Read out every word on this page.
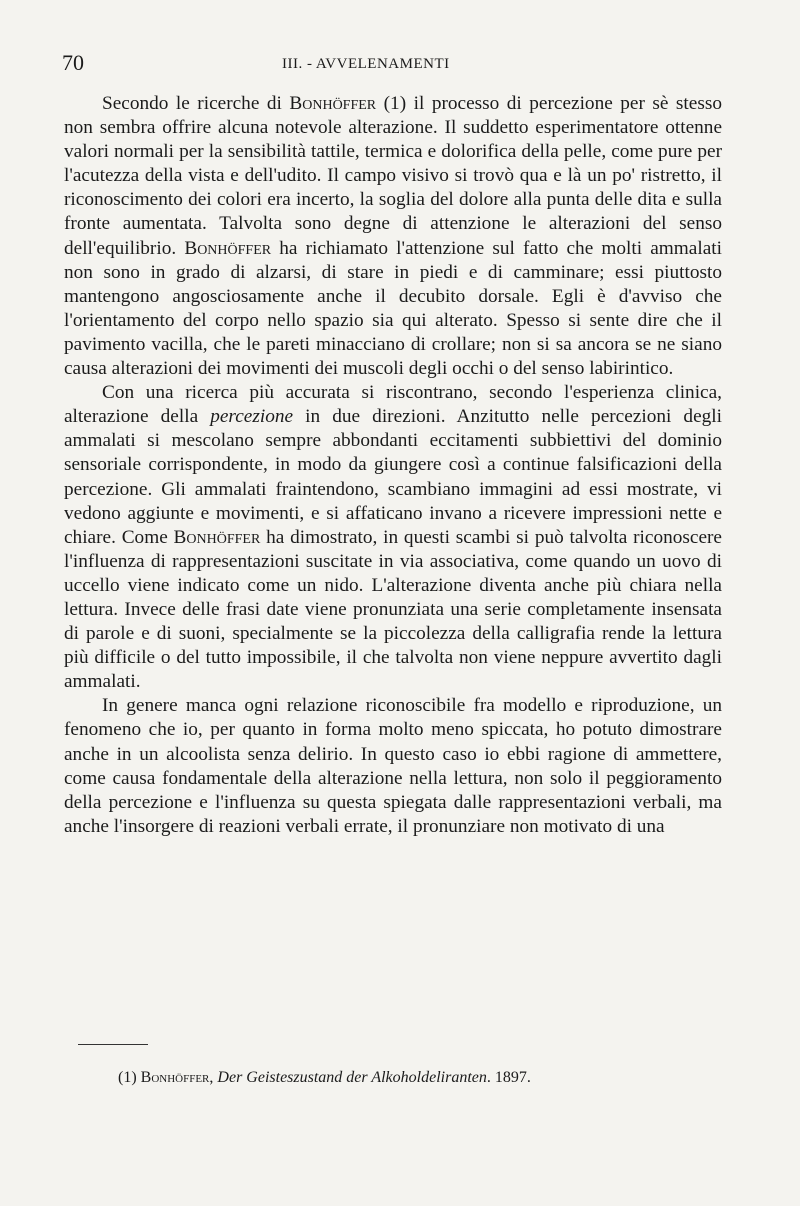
70	III. - AVVELENAMENTI

Secondo le ricerche di Bonhöffer (1) il processo di percezione per sè stesso non sembra offrire alcuna notevole alterazione. Il suddetto esperimentatore ottenne valori normali per la sensibilità tattile, termica e dolorifica della pelle, come pure per l'acutezza della vista e dell'udito. Il campo visivo si trovò qua e là un po' ristretto, il riconoscimento dei colori era incerto, la soglia del dolore alla punta delle dita e sulla fronte aumentata. Talvolta sono degne di attenzione le alterazioni del senso dell'equilibrio. Bonhöffer ha richiamato l'attenzione sul fatto che molti ammalati non sono in grado di alzarsi, di stare in piedi e di camminare; essi piuttosto mantengono angosciosamente anche il decubito dorsale. Egli è d'avviso che l'orientamento del corpo nello spazio sia qui alterato. Spesso si sente dire che il pavimento vacilla, che le pareti minacciano di crollare; non si sa ancora se ne siano causa alterazioni dei movimenti dei muscoli degli occhi o del senso labirintico.

Con una ricerca più accurata si riscontrano, secondo l'esperienza clinica, alterazione della percezione in due direzioni. Anzitutto nelle percezioni degli ammalati si mescolano sempre abbondanti eccitamenti subbiettivi del dominio sensoriale corrispondente, in modo da giungere così a continue falsificazioni della percezione. Gli ammalati fraintendono, scambiano immagini ad essi mostrate, vi vedono aggiunte e movimenti, e si affaticano invano a ricevere impressioni nette e chiare. Come Bonhöffer ha dimostrato, in questi scambi si può talvolta riconoscere l'influenza di rappresentazioni suscitate in via associativa, come quando un uovo di uccello viene indicato come un nido. L'alterazione diventa anche più chiara nella lettura. Invece delle frasi date viene pronunziata una serie completamente insensata di parole e di suoni, specialmente se la piccolezza della calligrafia rende la lettura più difficile o del tutto impossibile, il che talvolta non viene neppure avvertito dagli ammalati.

In genere manca ogni relazione riconoscibile fra modello e riproduzione, un fenomeno che io, per quanto in forma molto meno spiccata, ho potuto dimostrare anche in un alcoolista senza delirio. In questo caso io ebbi ragione di ammettere, come causa fondamentale della alterazione nella lettura, non solo il peggioramento della percezione e l'influenza su questa spiegata dalle rappresentazioni verbali, ma anche l'insorgere di reazioni verbali errate, il pronunziare non motivato di una

(1) Bonhöffer, Der Geisteszustand der Alkoholdeliranten. 1897.
